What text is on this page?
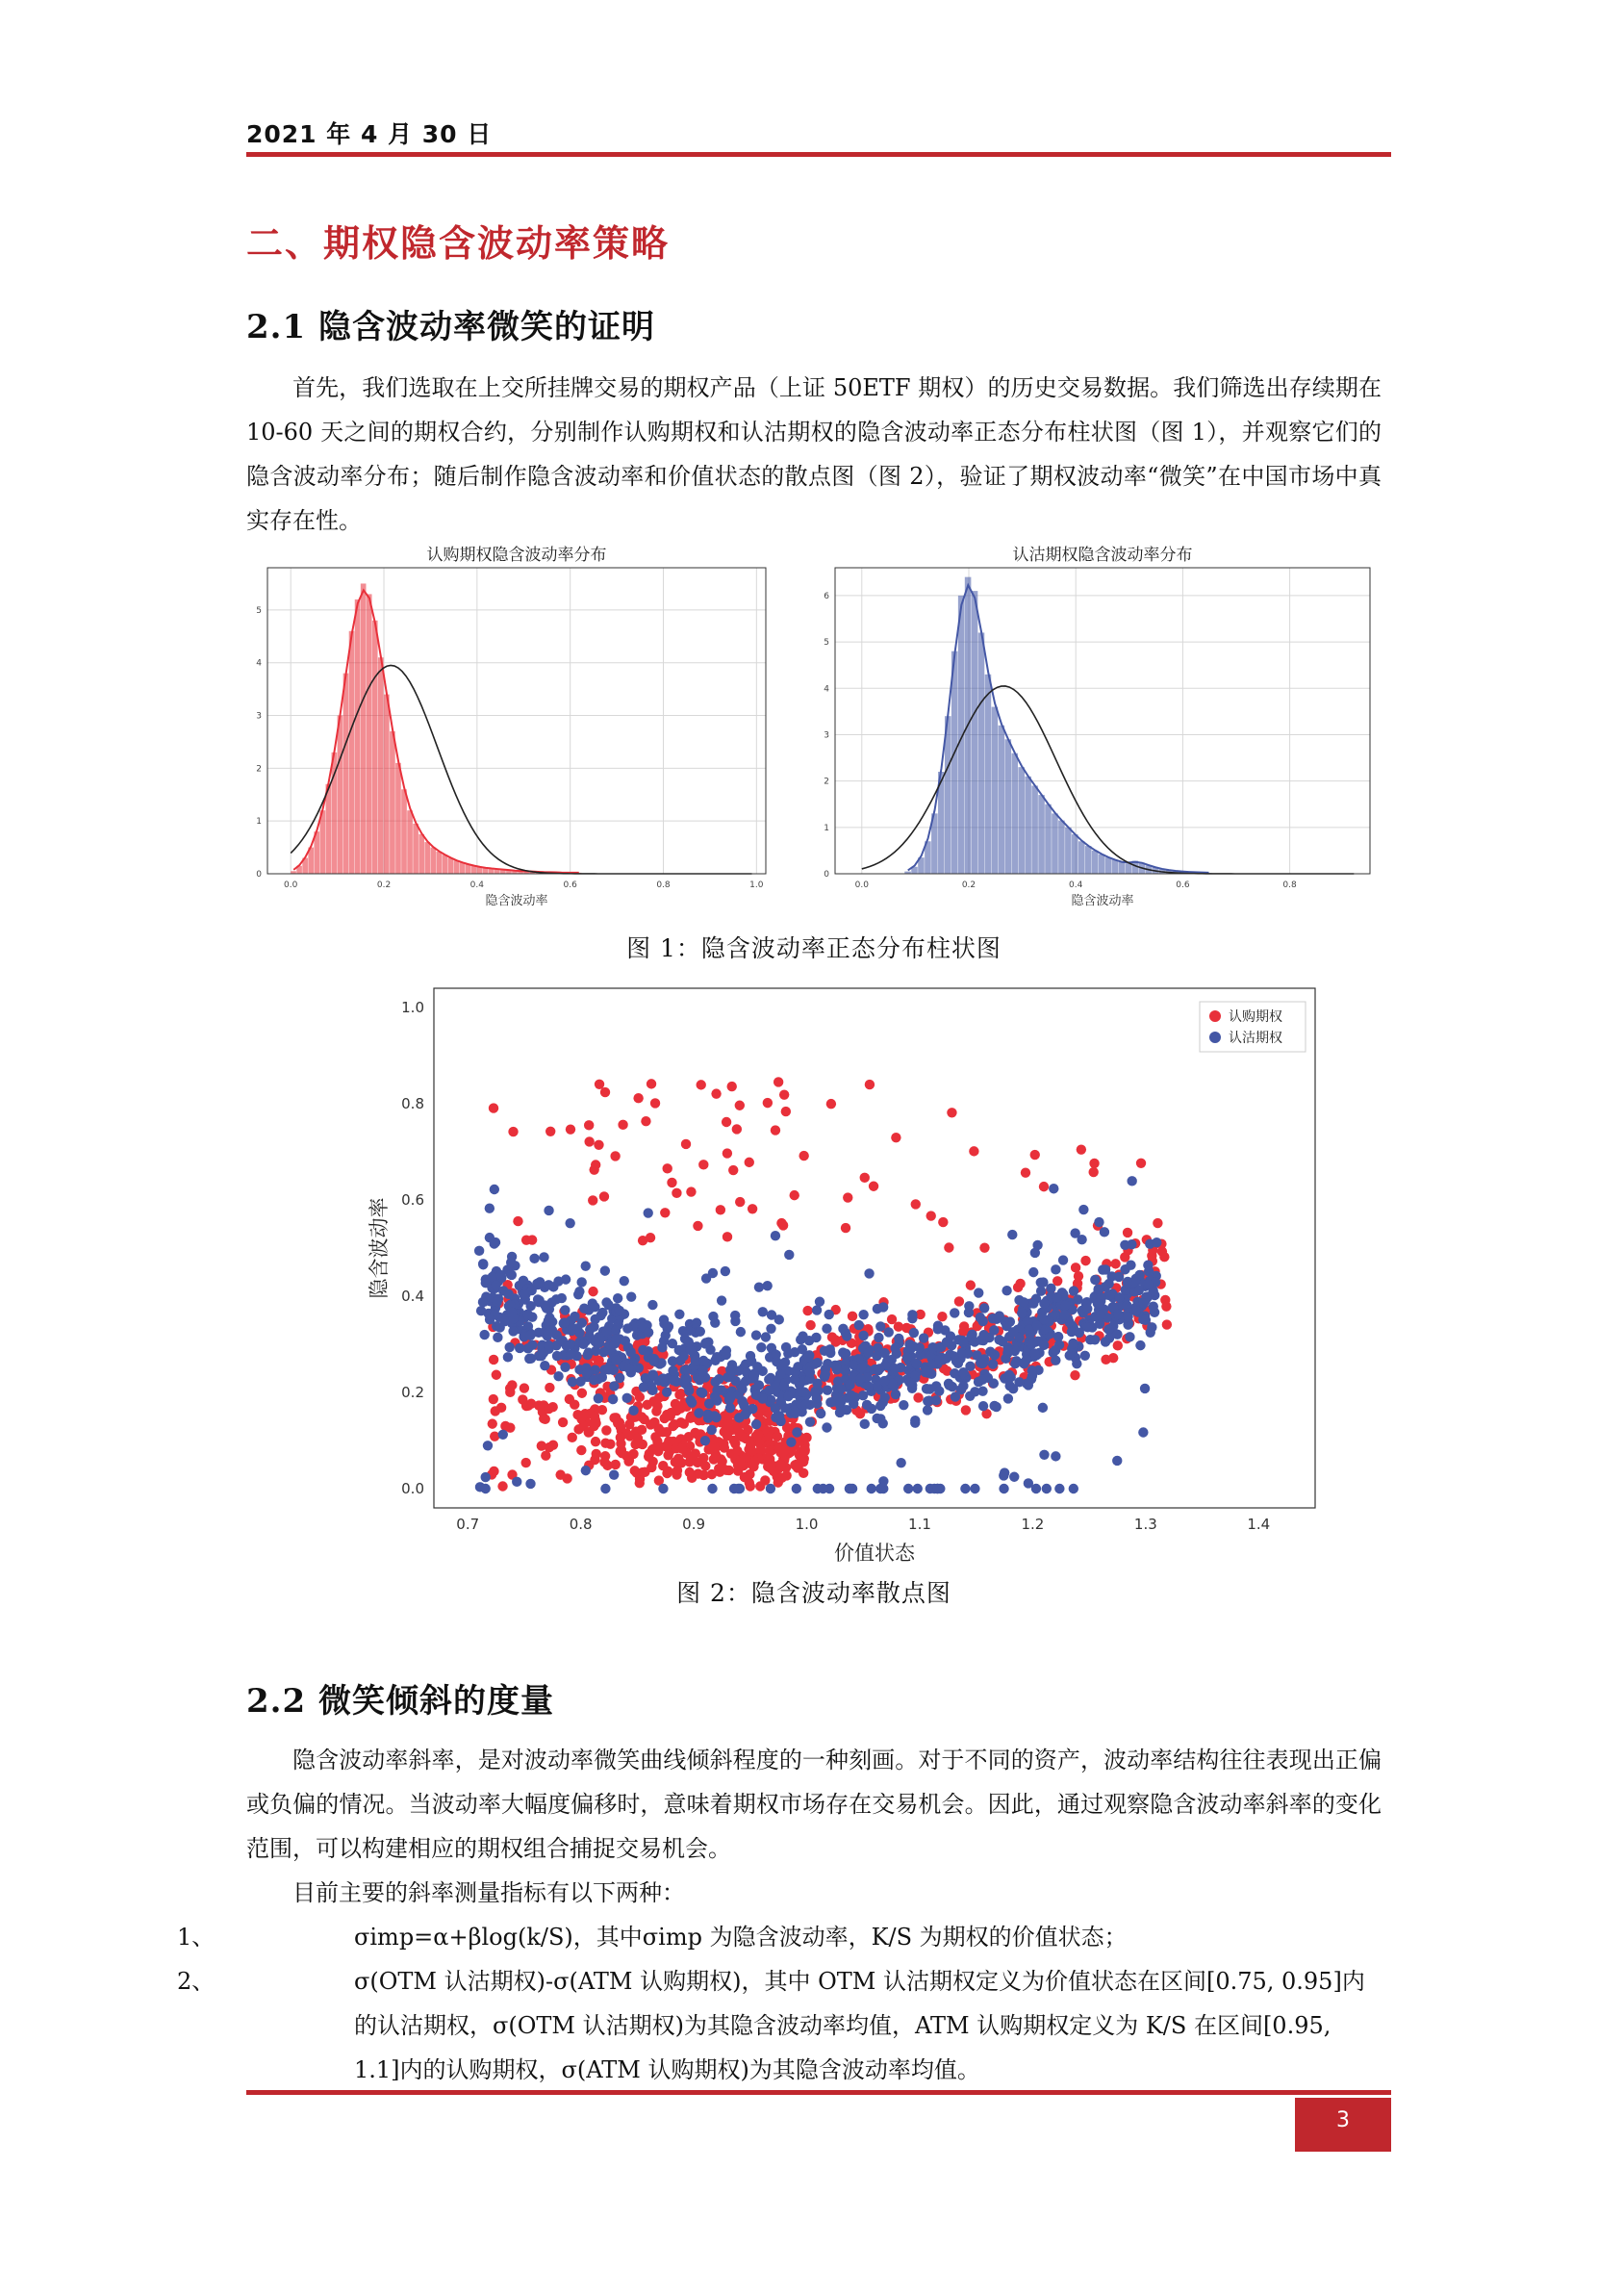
2021 年 4 月 30 日
二、期权隐含波动率策略
2.1 隐含波动率微笑的证明

首先，我们选取在上交所挂牌交易的期权产品（上证 50ETF 期权）的历史交易数据。我们筛选出存续期在 10-60 天之间的期权合约，分别制作认购期权和认沽期权的隐含波动率正态分布柱状图（图 1），并观察它们的隐含波动率分布；随后制作隐含波动率和价值状态的散点图（图 2），验证了期权波动率“微笑”在中国市场中真实存在性。

认购期权隐含波动率分布
0.0	0.2	0.4	0.6	0.8	1.0
0
1
2
3
4
5
隐含波动率
认沽期权隐含波动率分布
0.0	0.2	0.4	0.6	0.8
0
1
2
3
4
5
6
隐含波动率
图 1：隐含波动率正态分布柱状图
0.7	0.8	0.9	1.0	1.1	1.2	1.3	1.4
0.0
0.2
0.4
0.6
0.8
1.0
认购期权
认沽期权
价值状态
隐含波动率
图 2：隐含波动率散点图
2.2 微笑倾斜的度量

隐含波动率斜率，是对波动率微笑曲线倾斜程度的一种刻画。对于不同的资产，波动率结构往往表现出正偏或负偏的情况。当波动率大幅度偏移时，意味着期权市场存在交易机会。因此，通过观察隐含波动率斜率的变化范围，可以构建相应的期权组合捕捉交易机会。

目前主要的斜率测量指标有以下两种：

1、	σimp=α+βlog(k/S)，其中σimp 为隐含波动率，K/S 为期权的价值状态；
2、	σ(OTM 认沽期权)-σ(ATM 认购期权)，其中 OTM 认沽期权定义为价值状态在区间[0.75, 0.95]内的认沽期权，σ(OTM 认沽期权)为其隐含波动率均值，ATM 认购期权定义为 K/S 在区间[0.95, 1.1]内的认购期权，σ(ATM 认购期权)为其隐含波动率均值。
3
